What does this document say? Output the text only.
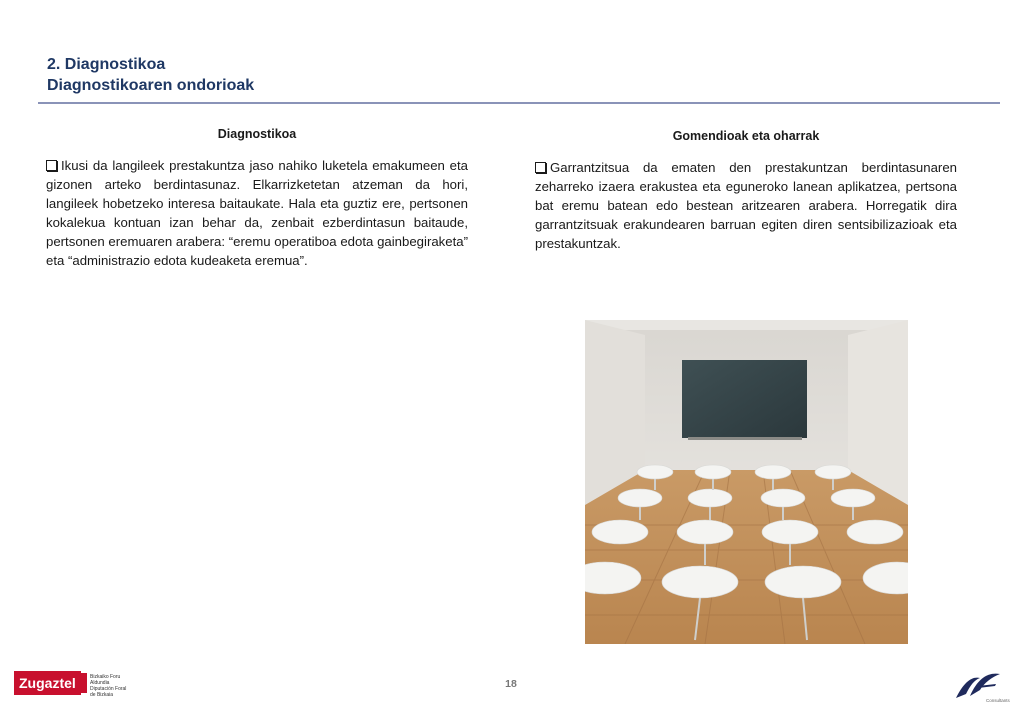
2. Diagnostikoa
Diagnostikoaren ondorioak
Diagnostikoa
Ikusi da langileek prestakuntza jaso nahiko luketela emakumeen eta gizonen arteko berdintasunaz. Elkarrizketetan atzeman da hori, langileek hobetzeko interesa baitaukate. Hala eta guztiz ere, pertsonen kokalekua kontuan izan behar da, zenbait ezberdintasun baitaude, pertsonen eremuaren arabera: “eremu operatiboa edota gainbegiraketa” eta “administrazio edota kudeaketa eremua”.
Gomendioak eta oharrak
Garrantzitsua da ematen den prestakuntzan berdintasunaren zeharreko izaera erakustea eta eguneroko lanean aplikatzea, pertsona bat eremu batean edo bestean aritzearen arabera. Horregatik dira garrantzitsuak erakundearen barruan egiten diren sentsibilizazioak eta prestakuntzak.
Zugaztel	Bizkaiko Foru Aldundia Diputación Foral de Bizkaia
18
Consultants
